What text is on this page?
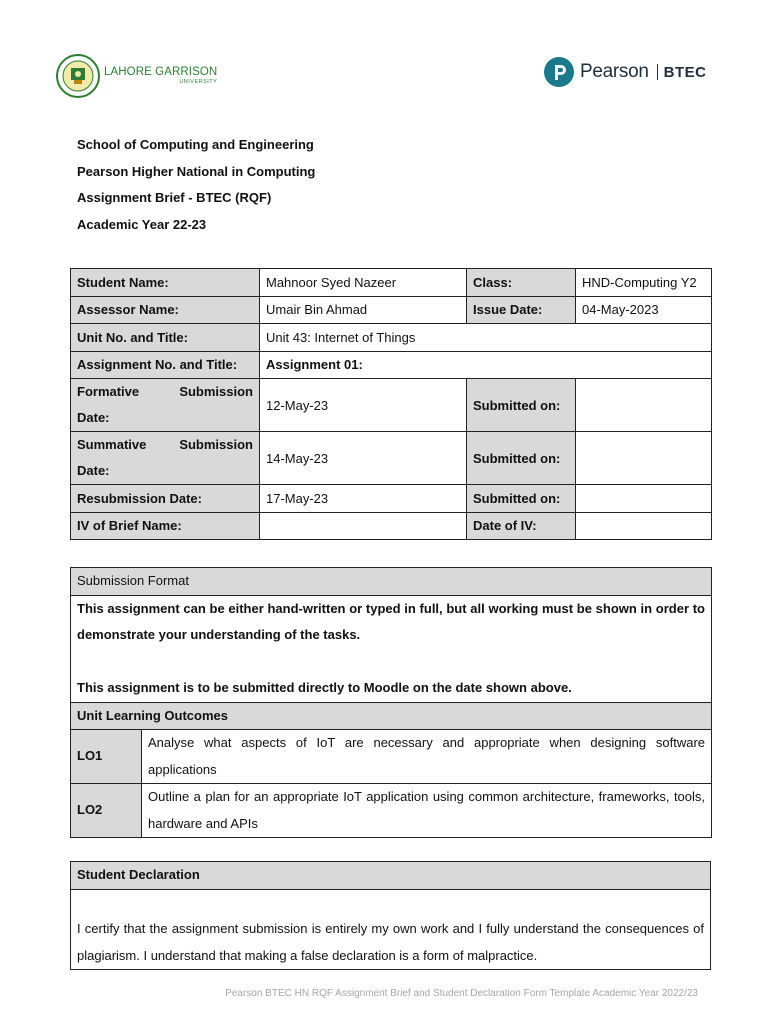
LAHORE GARRISON
UNIVERSITY	Pearson BTEC
School of Computing and Engineering
Pearson Higher National in Computing
Assignment Brief - BTEC (RQF)
Academic Year 22-23
Student Name:	Mahnoor Syed Nazeer	Class:	HND-Computing Y2
Assessor Name:	Umair Bin Ahmad	Issue Date:	04-May-2023
Unit No. and Title:	Unit 43: Internet of Things		
Assignment No. and Title:	Assignment 01:		

Formative Submission
Date:	12-May-23	Submitted on:	

Summative Submission
Date:	14-May-23	Submitted on:	
Resubmission Date:	17-May-23	Submitted on:	
IV of Brief Name:		Date of IV:	
Submission Format	

This assignment can be either hand-written or typed in full, but all working must be shown in order to demonstrate your understanding of the tasks.
This assignment is to be submitted directly to Moodle on the date shown above.	

Unit Learning Outcomes	
LO1	Analyse what aspects of IoT are necessary and appropriate when designing software applications
LO2	Outline a plan for an appropriate IoT application using common architecture, frameworks, tools, hardware and APIs
Student Declaration

I certify that the assignment submission is entirely my own work and I fully understand the consequences of plagiarism. I understand that making a false declaration is a form of malpractice.
Pearson BTEC HN RQF Assignment Brief and Student Declaration Form Template Academic Year 2022/23
